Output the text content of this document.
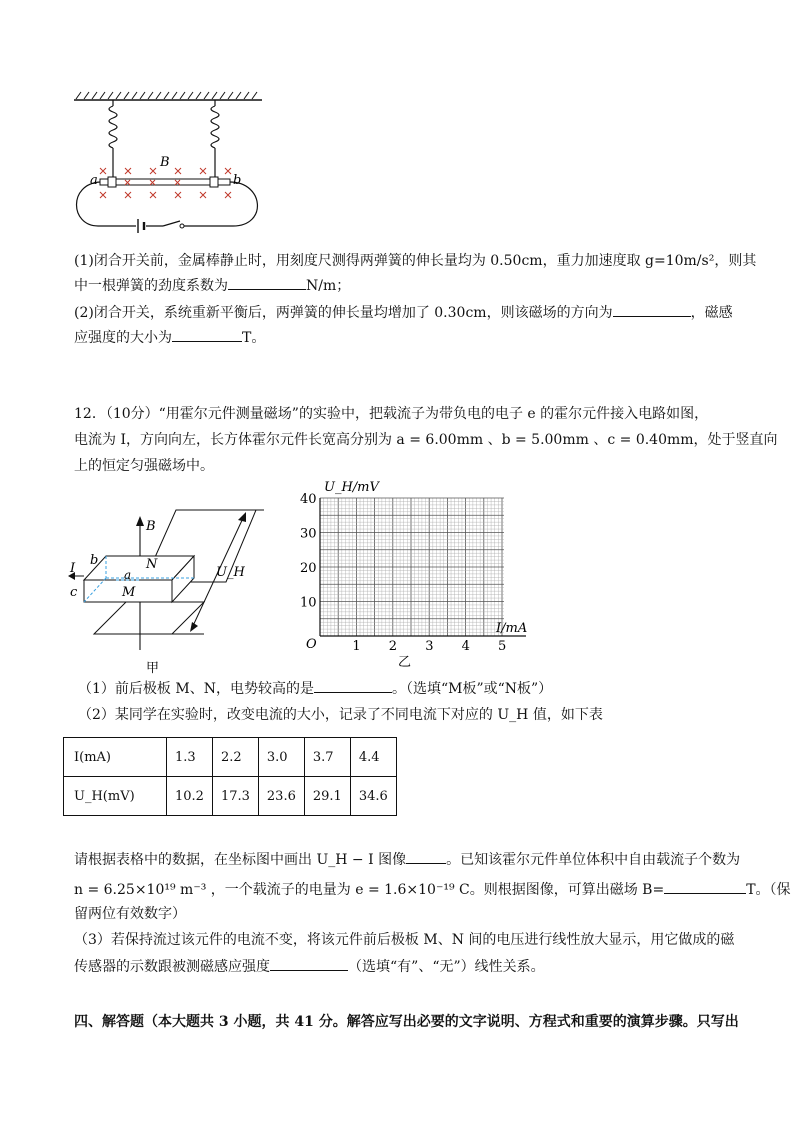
a	b
B
(1)闭合开关前，金属棒静止时，用刻度尺测得两弹簧的伸长量均为 0.50cm，重力加速度取 g=10m/s²，则其
中一根弹簧的劲度系数为	N/m；
(2)闭合开关，系统重新平衡后，两弹簧的伸长量均增加了 0.30cm，则该磁场的方向为	，磁感
应强度的大小为	T。
12．（10分）“用霍尔元件测量磁场”的实验中，把载流子为带负电的电子 e 的霍尔元件接入电路如图，
电流为 I，方向向左，长方体霍尔元件长宽高分别为 a = 6.00mm 、b = 5.00mm 、c = 0.40mm，处于竖直向
上的恒定匀强磁场中。
B
b	N
I	a
c	M
U_H
甲
U_H/mV
I/mA
O
10
20
30
40
1 2 3 4 5
乙
（1）前后极板 M、N，电势较高的是	。（选填“M板”或“N板”）
（2）某同学在实验时，改变电流的大小，记录了不同电流下对应的 U_H 值，如下表
I(mA)	1.3	2.2	3.0	3.7	4.4
U_H(mV)	10.2	17.3	23.6	29.1	34.6
请根据表格中的数据，在坐标图中画出 U_H − I 图像	。已知该霍尔元件单位体积中自由载流子个数为
n = 6.25×10¹⁹ m⁻³ ，一个载流子的电量为 e = 1.6×10⁻¹⁹ C。则根据图像，可算出磁场 B=	T。（保
留两位有效数字）
（3）若保持流过该元件的电流不变，将该元件前后极板 M、N 间的电压进行线性放大显示，用它做成的磁
传感器的示数跟被测磁感应强度	（选填“有”、“无”）线性关系。
四、解答题（本大题共 3 小题，共 41 分。解答应写出必要的文字说明、方程式和重要的演算步骤。只写出
